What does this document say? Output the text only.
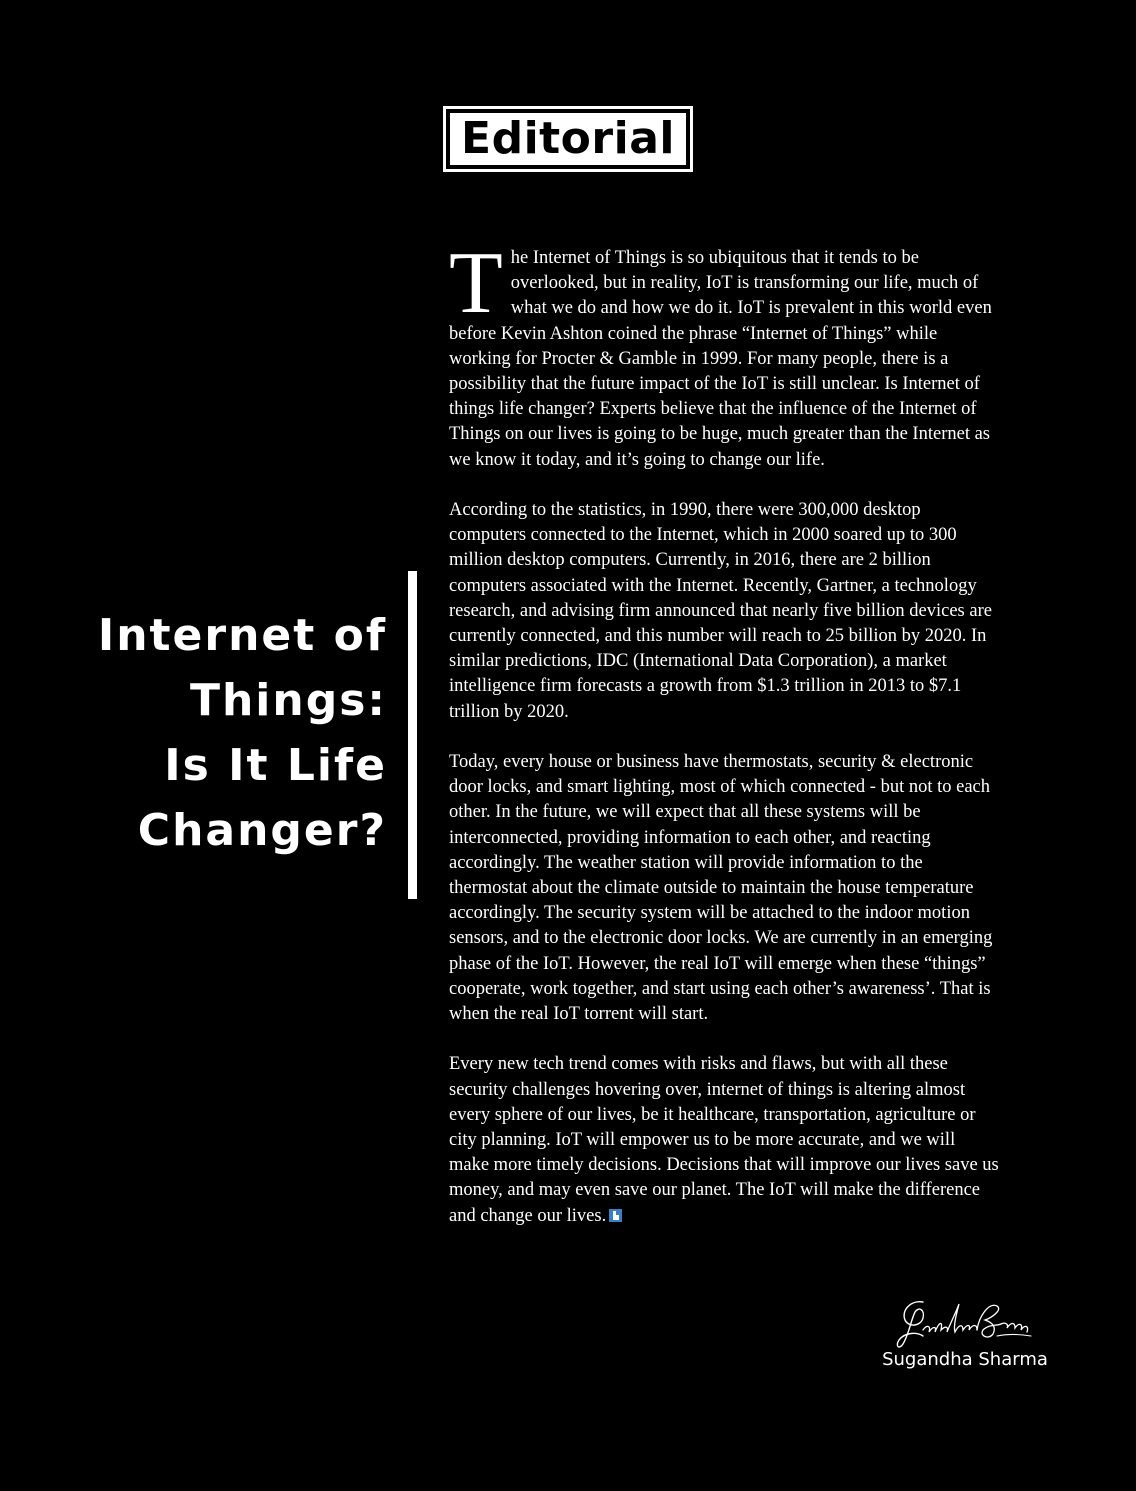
Editorial
Internet of
Things:
Is It Life
Changer?

The Internet of Things is so ubiquitous that it tends to be overlooked, but in reality, IoT is transforming our life, much of what we do and how we do it. IoT is prevalent in this world even before Kevin Ashton coined the phrase “Internet of Things” while working for Procter & Gamble in 1999. For many people, there is a possibility that the future impact of the IoT is still unclear. Is Internet of things life changer? Experts believe that the influence of the Internet of Things on our lives is going to be huge, much greater than the Internet as we know it today, and it’s going to change our life.

According to the statistics, in 1990, there were 300,000 desktop computers connected to the Internet, which in 2000 soared up to 300 million desktop computers. Currently, in 2016, there are 2 billion computers associated with the Internet. Recently, Gartner, a technology research, and advising firm announced that nearly five billion devices are currently connected, and this number will reach to 25 billion by 2020. In similar predictions, IDC (International Data Corporation), a market intelligence firm forecasts a growth from $1.3 trillion in 2013 to $7.1 trillion by 2020.

Today, every house or business have thermostats, security & electronic door locks, and smart lighting, most of which connected - but not to each other. In the future, we will expect that all these systems will be interconnected, providing information to each other, and reacting accordingly. The weather station will provide information to the thermostat about the climate outside to maintain the house temperature accordingly. The security system will be attached to the indoor motion sensors, and to the electronic door locks. We are currently in an emerging phase of the IoT. However, the real IoT will emerge when these “things” cooperate, work together, and start using each other’s awareness’. That is when the real IoT torrent will start.

Every new tech trend comes with risks and flaws, but with all these security challenges hovering over, internet of things is altering almost every sphere of our lives, be it healthcare, transportation, agriculture or city planning. IoT will empower us to be more accurate, and we will make more timely decisions. Decisions that will improve our lives save us money, and may even save our planet. The IoT will make the difference and change our lives.

Sugandha Sharma
